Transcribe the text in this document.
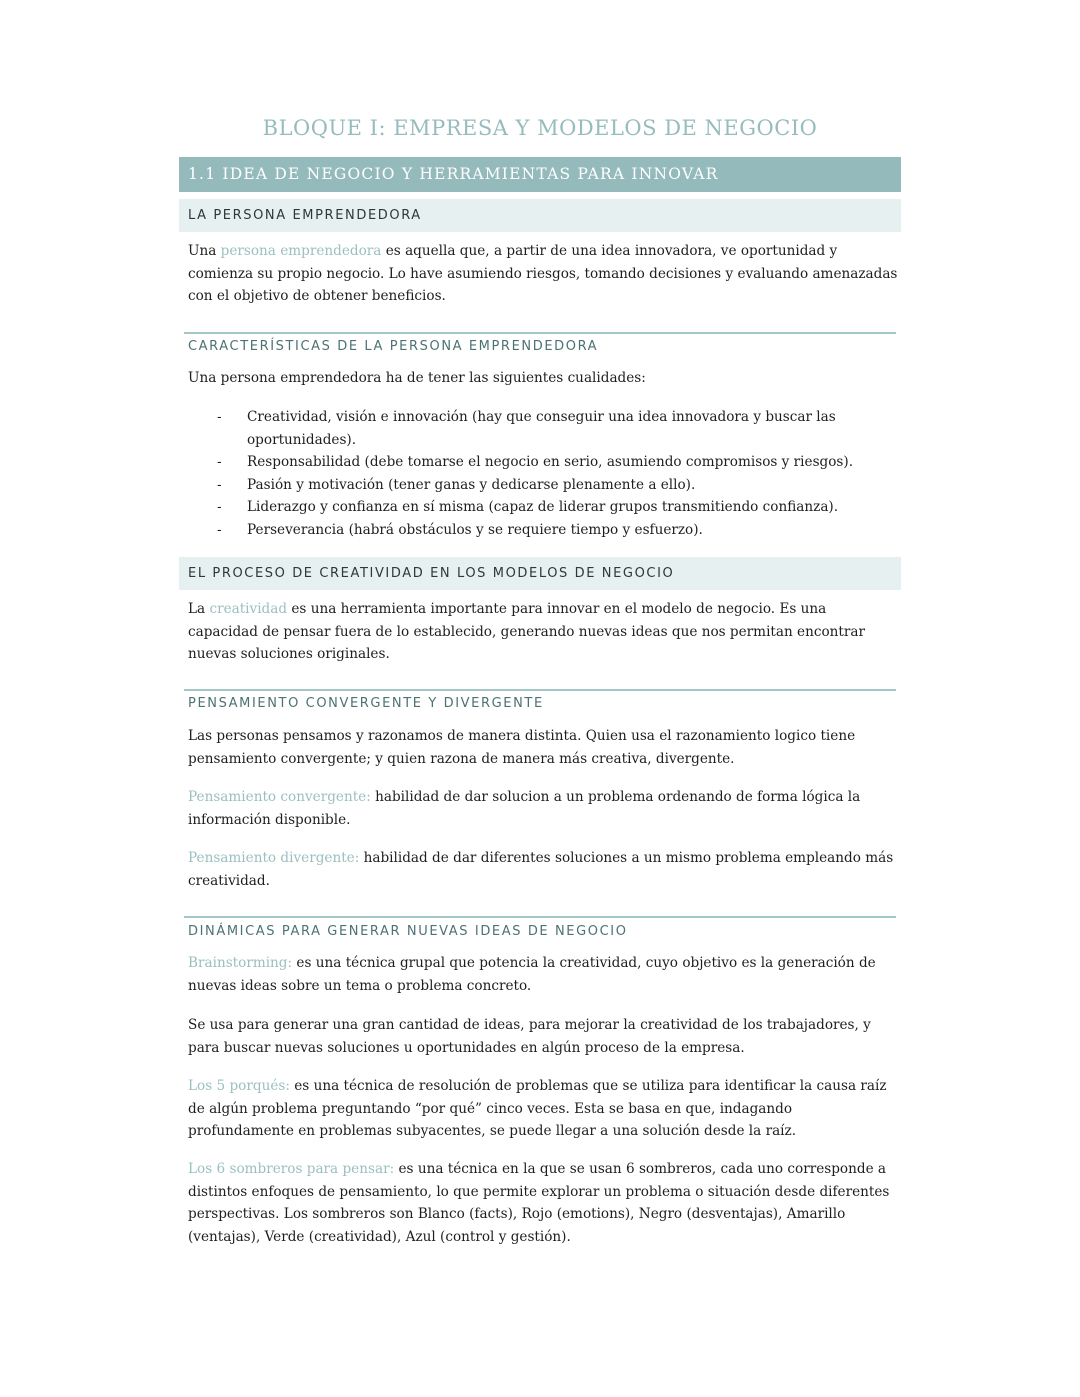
BLOQUE I: EMPRESA Y MODELOS DE NEGOCIO
1.1 IDEA DE NEGOCIO Y HERRAMIENTAS PARA INNOVAR
LA PERSONA EMPRENDEDORA

Una persona emprendedora es aquella que, a partir de una idea innovadora, ve oportunidad y comienza su propio negocio. Lo have asumiendo riesgos, tomando decisiones y evaluando amenazadas con el objetivo de obtener beneficios.

CARACTERÍSTICAS DE LA PERSONA EMPRENDEDORA

Una persona emprendedora ha de tener las siguientes cualidades:

- Creatividad, visión e innovación (hay que conseguir una idea innovadora y buscar las oportunidades).
- Responsabilidad (debe tomarse el negocio en serio, asumiendo compromisos y riesgos).
- Pasión y motivación (tener ganas y dedicarse plenamente a ello).
- Liderazgo y confianza en sí misma (capaz de liderar grupos transmitiendo confianza).
- Perseverancia (habrá obstáculos y se requiere tiempo y esfuerzo).
EL PROCESO DE CREATIVIDAD EN LOS MODELOS DE NEGOCIO

La creatividad es una herramienta importante para innovar en el modelo de negocio. Es una capacidad de pensar fuera de lo establecido, generando nuevas ideas que nos permitan encontrar nuevas soluciones originales.

PENSAMIENTO CONVERGENTE Y DIVERGENTE

Las personas pensamos y razonamos de manera distinta. Quien usa el razonamiento logico tiene pensamiento convergente; y quien razona de manera más creativa, divergente.

Pensamiento convergente: habilidad de dar solucion a un problema ordenando de forma lógica la información disponible.

Pensamiento divergente: habilidad de dar diferentes soluciones a un mismo problema empleando más creatividad.

DINÁMICAS PARA GENERAR NUEVAS IDEAS DE NEGOCIO

Brainstorming: es una técnica grupal que potencia la creatividad, cuyo objetivo es la generación de nuevas ideas sobre un tema o problema concreto.

Se usa para generar una gran cantidad de ideas, para mejorar la creatividad de los trabajadores, y para buscar nuevas soluciones u oportunidades en algún proceso de la empresa.

Los 5 porqués: es una técnica de resolución de problemas que se utiliza para identificar la causa raíz de algún problema preguntando “por qué” cinco veces. Esta se basa en que, indagando profundamente en problemas subyacentes, se puede llegar a una solución desde la raíz.

Los 6 sombreros para pensar: es una técnica en la que se usan 6 sombreros, cada uno corresponde a distintos enfoques de pensamiento, lo que permite explorar un problema o situación desde diferentes perspectivas. Los sombreros son Blanco (facts), Rojo (emotions), Negro (desventajas), Amarillo (ventajas), Verde (creatividad), Azul (control y gestión).
